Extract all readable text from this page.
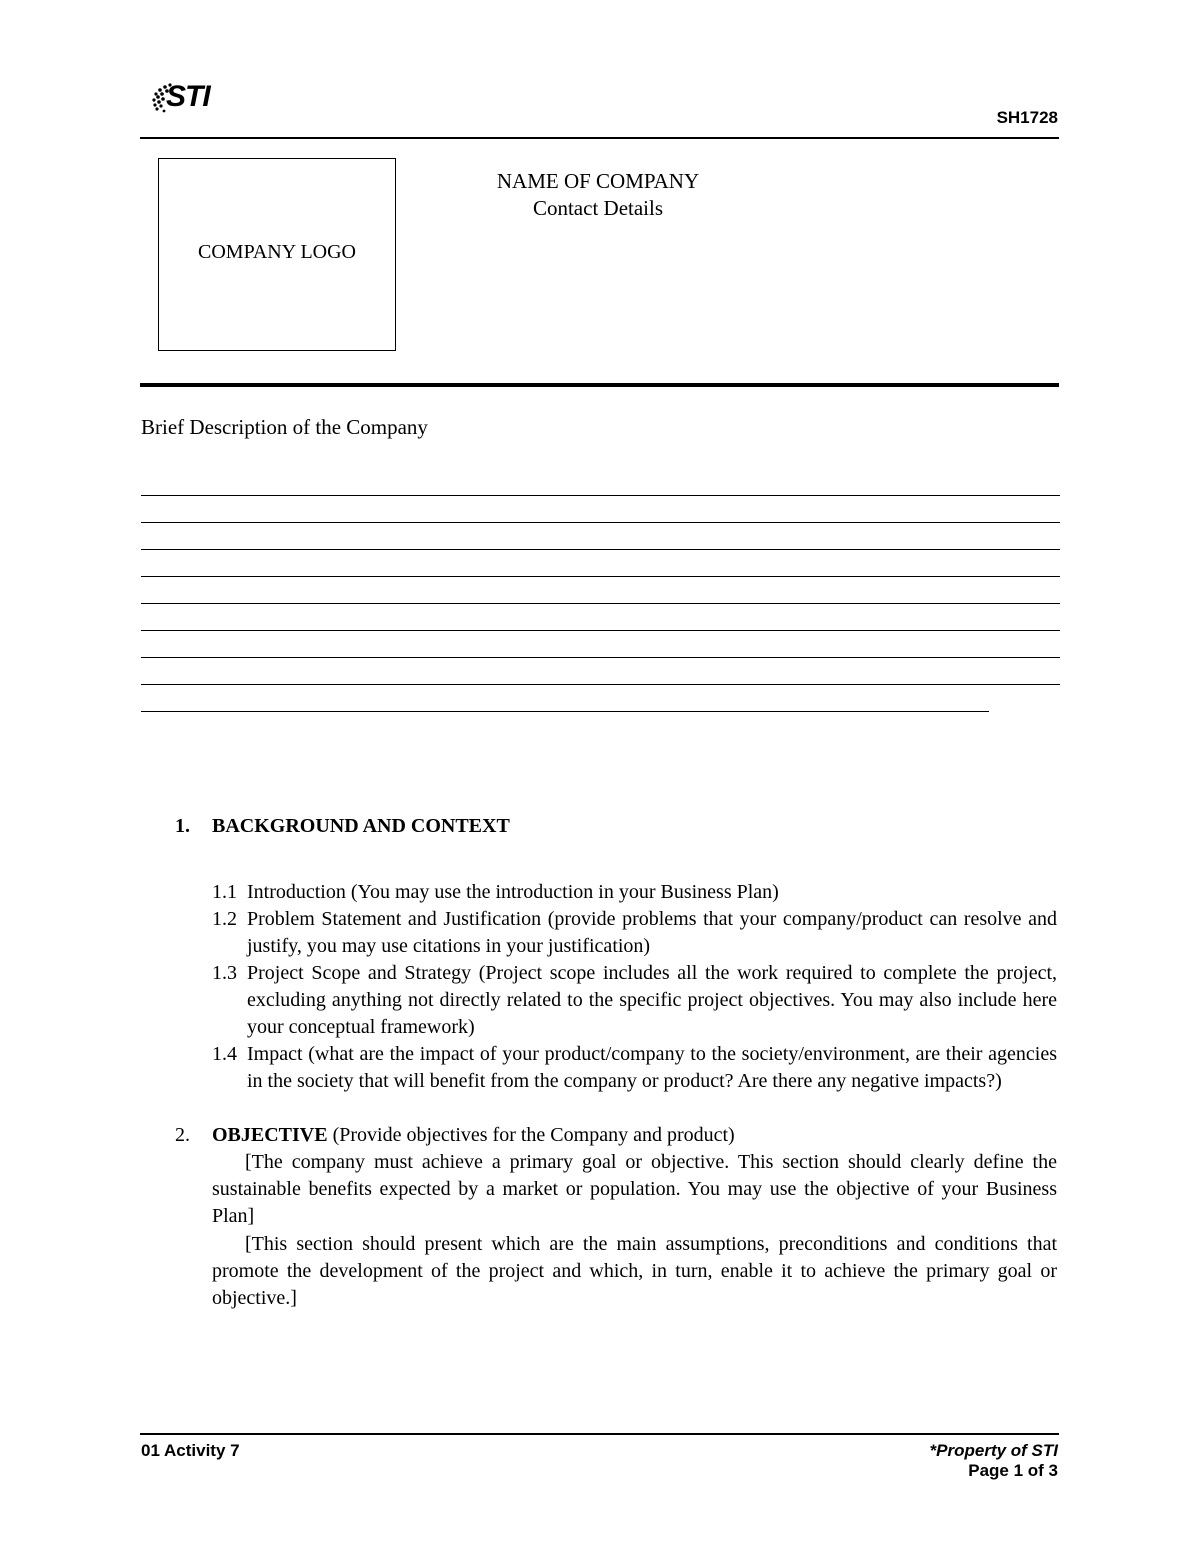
STI
SH1728
COMPANY LOGO
NAME OF COMPANY
Contact Details
Brief Description of the Company
1. BACKGROUND AND CONTEXT
1.1 Introduction (You may use the introduction in your Business Plan)
1.2 Problem Statement and Justification (provide problems that your company/product can resolve and justify, you may use citations in your justification)
1.3 Project Scope and Strategy (Project scope includes all the work required to complete the project, excluding anything not directly related to the specific project objectives. You may also include here your conceptual framework)
1.4 Impact (what are the impact of your product/company to the society/environment, are their agencies in the society that will benefit from the company or product? Are there any negative impacts?)
2. OBJECTIVE (Provide objectives for the Company and product)
[The company must achieve a primary goal or objective. This section should clearly define the sustainable benefits expected by a market or population. You may use the objective of your Business Plan]
[This section should present which are the main assumptions, preconditions and conditions that promote the development of the project and which, in turn, enable it to achieve the primary goal or objective.]
01 Activity 7	*Property of STI
Page 1 of 3
